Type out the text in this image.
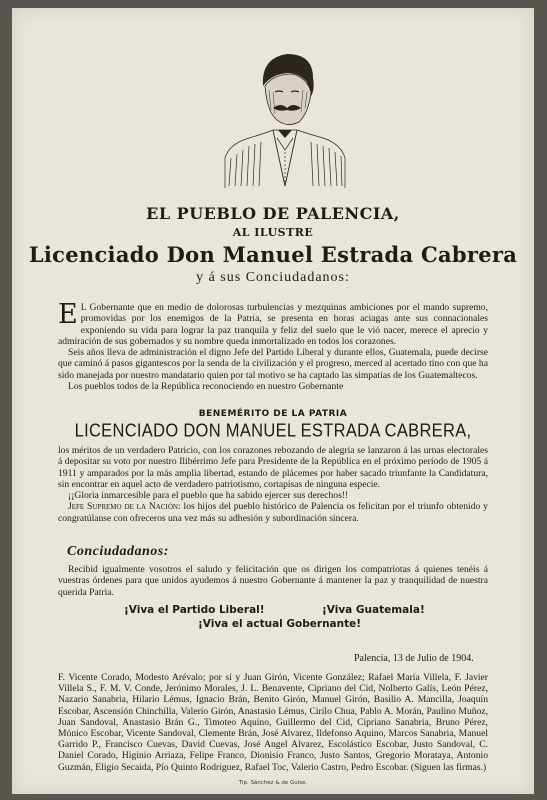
EL PUEBLO DE PALENCIA,
AL ILUSTRE
Licenciado Don Manuel Estrada Cabrera
y á sus Conciudadanos:
E L Gobernante que en medio de dolorosas turbulencias y mezquinas ambiciones por el mando supremo, promovidas por los enemigos de la Patria, se presenta en horas aciagas ante sus connacionales exponiendo su vida para lograr la paz tranquila y feliz del suelo que le vió nacer, merece el aprecio y admiración de sus gobernados y su nombre queda inmortalizado en todos los corazones.
Seis años lleva de administración el digno Jefe del Partido Liberal y durante ellos, Guatemala, puede decirse que caminó á pasos gigantescos por la senda de la civilización y el progreso, merced al acertado tino con que ha sido manejada por nuestro mandatario quien por tal motivo se ha captado las simpatías de los Guatemaltecos.
Los pueblos todos de la República reconociendo en nuestro Gobernante
BENEMÉRITO DE LA PATRIA
LICENCIADO DON MANUEL ESTRADA CABRERA,
los méritos de un verdadero Patricio, con los corazones rebozando de alegría se lanzaron á las urnas electorales á depositar su voto por nuestro Ilibérrimo Jefe para Presidente de la República en el próximo período de 1905 á 1911 y amparados por la más amplia libertad, estando de plácemes por haber sacado triunfante la Candidatura, sin encontrar en aquel acto de verdadero patriotismo, cortapisas de ninguna especie.
¡¡Gloria inmarcesible para el pueblo que ha sabido ejercer sus derechos!!
Jefe Supremo de la Nación: los hijos del pueblo histórico de Palencia os felicitan por el triunfo obtenido y congratúlanse con ofreceros una vez más su adhesión y subordinación sincera.
Conciudadanos:
Recibid igualmente vosotros el saludo y felicitación que os dirigen los compatriotas á quienes tenéis á vuestras órdenes para que unidos ayudemos á nuestro Gobernante á mantener la paz y tranquilidad de nuestra querida Patria.
¡Viva el Partido Liberal!	¡Viva Guatemala!
¡Viva el actual Gobernante!
Palencia, 13 de Julio de 1904.
F. Vicente Corado, Modesto Arévalo; por sí y Juan Girón, Vicente González; Rafael María Villela, F. Javier Villela S., F. M. V. Conde, Jerónimo Morales, J. L. Benavente, Cipriano del Cid, Nolberto Galís, León Pérez, Nazario Sanabria, Hilario Lémus, Ignacio Brán, Benito Girón, Manuel Girón, Basilio A. Mancilla, Joaquín Escobar, Ascensión Chinchilla, Valerio Girón, Anastasio Lémus, Cirilo Chua, Pablo A. Morán, Paulino Muñoz, Juan Sandoval, Anastasio Brán G., Timoteo Aquino, Guillermo del Cid, Cipriano Sanabria, Bruno Pérez, Mónico Escobar, Vicente Sandoval, Clemente Brán, José Alvarez, Ildefonso Aquino, Marcos Sanabria, Manuel Garrido P., Francisco Cuevas, David Cuevas, José Angel Alvarez, Escolástico Escobar, Justo Sandoval, C. Daniel Corado, Higinio Arriaza, Felipe Franco, Dionisio Franco, Justo Santos, Gregorio Morataya, Antonio Guzmán, Eligio Secaida, Pío Quinto Rodríguez, Rafael Toc, Valerio Castro, Pedro Escobar. (Siguen las firmas.)
Tip. Sánchez & de Guise.
